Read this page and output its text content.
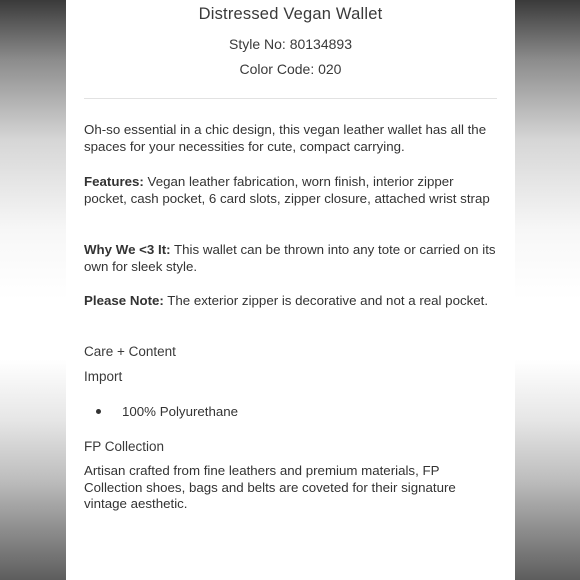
Distressed Vegan Wallet

Style No: 80134893

Color Code: 020

Oh-so essential in a chic design, this vegan leather wallet has all the spaces for your necessities for cute, compact carrying.

Features: Vegan leather fabrication, worn finish, interior zipper pocket, cash pocket, 6 card slots, zipper closure, attached wrist strap

Why We <3 It: This wallet can be thrown into any tote or carried on its own for sleek style.

Please Note: The exterior zipper is decorative and not a real pocket.

Care + Content

Import

100% Polyurethane

FP Collection

Artisan crafted from fine leathers and premium materials, FP Collection shoes, bags and belts are coveted for their signature vintage aesthetic.
